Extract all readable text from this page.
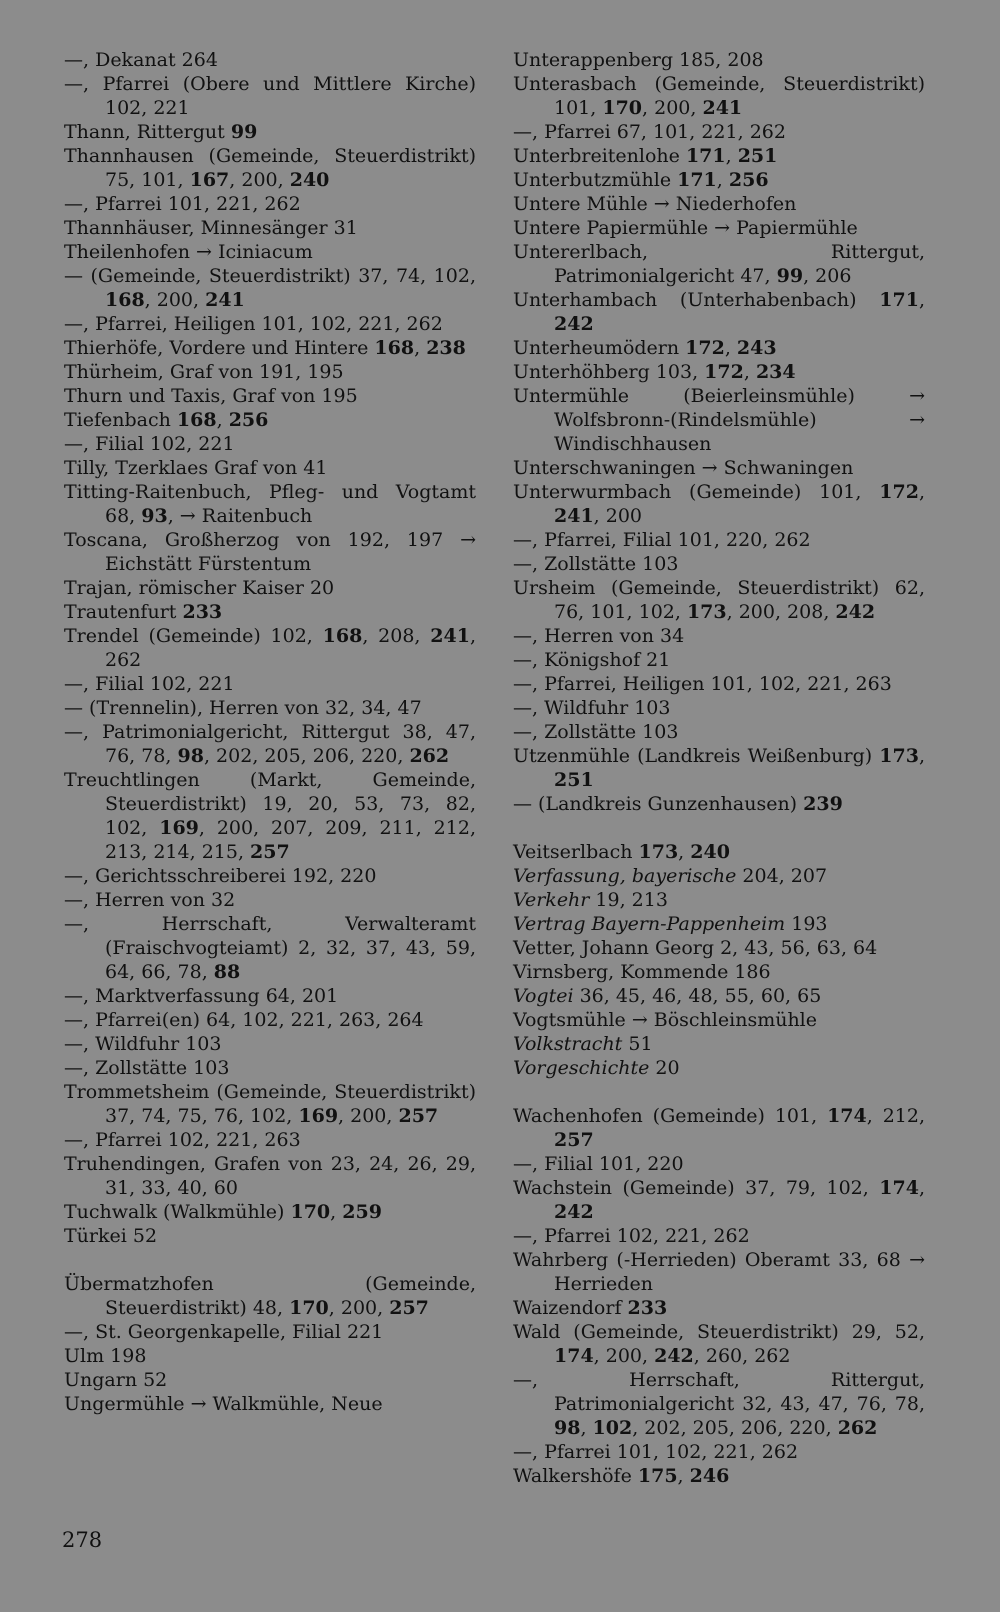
—, Dekanat 264

—, Pfarrei (Obere und Mittlere Kirche) 102, 221

Thann, Rittergut 99

Thannhausen (Gemeinde, Steuerdistrikt) 75, 101, 167, 200, 240

—, Pfarrei 101, 221, 262

Thannhäuser, Minnesänger 31

Theilenhofen → Iciniacum

— (Gemeinde, Steuerdistrikt) 37, 74, 102, 168, 200, 241

—, Pfarrei, Heiligen 101, 102, 221, 262

Thierhöfe, Vordere und Hintere 168, 238

Thürheim, Graf von 191, 195

Thurn und Taxis, Graf von 195

Tiefenbach 168, 256

—, Filial 102, 221

Tilly, Tzerklaes Graf von 41

Titting-Raitenbuch, Pfleg- und Vogtamt 68, 93, → Raitenbuch

Toscana, Großherzog von 192, 197 → Eichstätt Fürstentum

Trajan, römischer Kaiser 20

Trautenfurt 233

Trendel (Gemeinde) 102, 168, 208, 241, 262

—, Filial 102, 221

— (Trennelin), Herren von 32, 34, 47

—, Patrimonialgericht, Rittergut 38, 47, 76, 78, 98, 202, 205, 206, 220, 262

Treuchtlingen (Markt, Gemeinde, Steuerdistrikt) 19, 20, 53, 73, 82, 102, 169, 200, 207, 209, 211, 212, 213, 214, 215, 257

—, Gerichtsschreiberei 192, 220

—, Herren von 32

—, Herrschaft, Verwalteramt (Fraischvogteiamt) 2, 32, 37, 43, 59, 64, 66, 78, 88

—, Marktverfassung 64, 201

—, Pfarrei(en) 64, 102, 221, 263, 264

—, Wildfuhr 103

—, Zollstätte 103

Trommetsheim (Gemeinde, Steuerdistrikt) 37, 74, 75, 76, 102, 169, 200, 257

—, Pfarrei 102, 221, 263

Truhendingen, Grafen von 23, 24, 26, 29, 31, 33, 40, 60

Tuchwalk (Walkmühle) 170, 259

Türkei 52

Übermatzhofen (Gemeinde, Steuerdistrikt) 48, 170, 200, 257

—, St. Georgenkapelle, Filial 221

Ulm 198

Ungarn 52

Ungermühle → Walkmühle, Neue

Unterappenberg 185, 208

Unterasbach (Gemeinde, Steuerdistrikt) 101, 170, 200, 241

—, Pfarrei 67, 101, 221, 262

Unterbreitenlohe 171, 251

Unterbutzmühle 171, 256

Untere Mühle → Niederhofen

Untere Papiermühle → Papiermühle

Untererlbach, Rittergut, Patrimonialgericht 47, 99, 206

Unterhambach (Unterhabenbach) 171, 242

Unterheumödern 172, 243

Unterhöhberg 103, 172, 234

Untermühle (Beierleinsmühle) → Wolfsbronn-(Rindelsmühle) → Windischhausen

Unterschwaningen → Schwaningen

Unterwurmbach (Gemeinde) 101, 172, 241, 200

—, Pfarrei, Filial 101, 220, 262

—, Zollstätte 103

Ursheim (Gemeinde, Steuerdistrikt) 62, 76, 101, 102, 173, 200, 208, 242

—, Herren von 34

—, Königshof 21

—, Pfarrei, Heiligen 101, 102, 221, 263

—, Wildfuhr 103

—, Zollstätte 103

Utzenmühle (Landkreis Weißenburg) 173, 251

— (Landkreis Gunzenhausen) 239

Veitserlbach 173, 240

Verfassung, bayerische 204, 207

Verkehr 19, 213

Vertrag Bayern-Pappenheim 193

Vetter, Johann Georg 2, 43, 56, 63, 64

Virnsberg, Kommende 186

Vogtei 36, 45, 46, 48, 55, 60, 65

Vogtsmühle → Böschleinsmühle

Volkstracht 51

Vorgeschichte 20

Wachenhofen (Gemeinde) 101, 174, 212, 257

—, Filial 101, 220

Wachstein (Gemeinde) 37, 79, 102, 174, 242

—, Pfarrei 102, 221, 262

Wahrberg (-Herrieden) Oberamt 33, 68 → Herrieden

Waizendorf 233

Wald (Gemeinde, Steuerdistrikt) 29, 52, 174, 200, 242, 260, 262

—, Herrschaft, Rittergut, Patrimonialgericht 32, 43, 47, 76, 78, 98, 102, 202, 205, 206, 220, 262

—, Pfarrei 101, 102, 221, 262

Walkershöfe 175, 246

278
